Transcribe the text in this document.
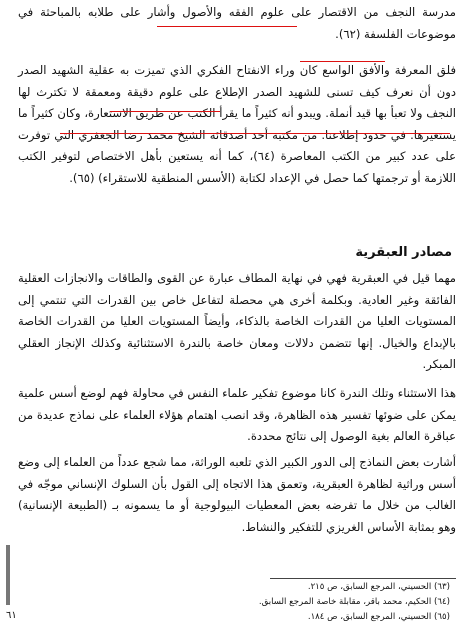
مدرسة النجف من الاقتصار على علوم الفقه والأصول وأشار على طلابه بالمباحثة في موضوعات الفلسفة (٦٢).
فلق المعرفة والأفق الواسع كان وراء الانفتاح الفكري الذي تميزت به عقلية الشهيد الصدر دون أن نعرف كيف تسنى للشهيد الصدر الإطلاع على علوم دقيقة ومعمقة لا تكترث لها النجف ولا تعبأ بها قيد أنملة. ويبدو أنه كثيراً ما يقرأ الكتب عن طريق الاستعارة، وكان كثيراً ما يستعيرها. في حدود إطلاعنا. من مكتبة أحد أصدقائه الشيخ محمد رضا الجعفري التي توفرت على عدد كبير من الكتب المعاصرة (٦٤)، كما أنه يستعين بأهل الاختصاص لتوفير الكتب اللازمة أو ترجمتها كما حصل في الإعداد لكتابة (الأسس المنطقية للاستقراء) (٦٥).
مصادر العبقرية
مهما قيل في العبقرية فهي في نهاية المطاف عبارة عن القوى والطاقات والانجازات العقلية الفائقة وغير العادية. وبكلمة أخرى هي محصلة لتفاعل خاص بين القدرات التي تنتمي إلى المستويات العليا من القدرات الخاصة بالذكاء، وأيضاً المستويات العليا من القدرات الخاصة بالإبداع والخيال. إنها تتضمن دلالات ومعان خاصة بالندرة الاستثنائية وكذلك الإنجاز العقلي المبكر.
هذا الاستثناء وتلك الندرة كانا موضوع تفكير علماء النفس في محاولة فهم لوضع أسس علمية يمكن على ضوئها تفسير هذه الظاهرة، وقد انصب اهتمام هؤلاء العلماء على نماذج عديدة من عباقرة العالم بغية الوصول إلى نتائج محددة.
أشارت بعض النماذج إلى الدور الكبير الذي تلعبه الوراثة، مما شجع عدداً من العلماء إلى وضع أسس وراثية لظاهرة العبقرية، وتعمق هذا الاتجاه إلى القول بأن السلوك الإنساني موجّه في الغالب من خلال ما تفرضه بعض المعطيات البيولوجية أو ما يسمونه بـ (الطبيعة الإنسانية) وهو بمثابة الأساس الغريزي للتفكير والنشاط.
(٦٣) الحسيني، المرجع السابق، ص ٢١٥.
(٦٤) الحكيم، محمد باقر، مقابلة خاصة المرجع السابق.
(٦٥) الحسيني، المرجع السابق، ص ١٨٤.
٦١
